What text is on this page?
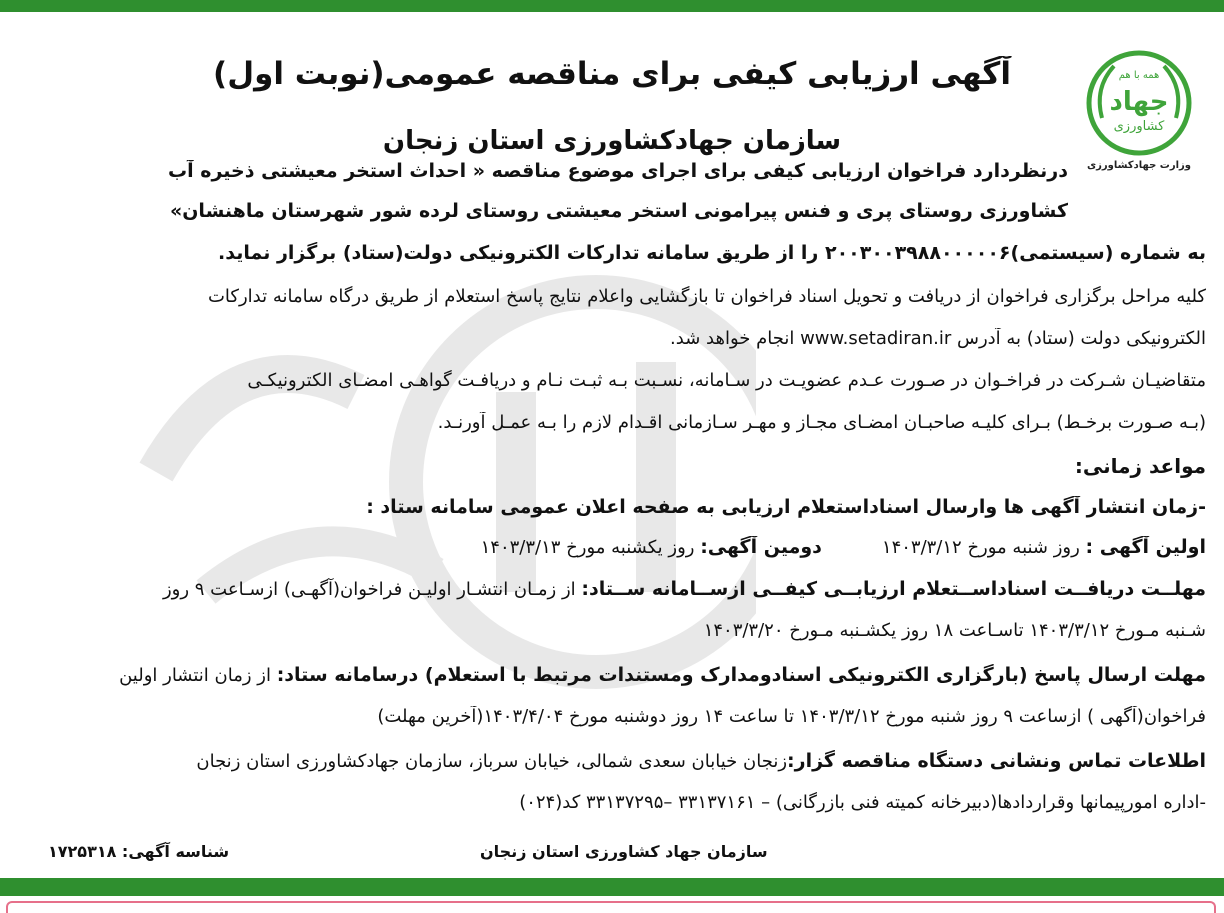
همه با هم
جهاد
کشاورزی
وزارت جهادکشاورزی
آگهی ارزیابی کیفی برای مناقصه عمومی(نوبت اول)
سازمان جهادکشاورزی استان زنجان
درنظردارد فراخوان ارزیابی کیفی برای اجرای موضوع مناقصه « احداث استخر معیشتی ذخیره آب
کشاورزی روستای پری و فنس پیرامونی استخر معیشتی روستای لرده شور شهرستان ماهنشان»
به شماره (سیستمی)۲۰۰۳۰۰۳۹۸۸۰۰۰۰۰۶ را از طریق سامانه تدارکات الکترونیکی دولت(ستاد) برگزار نماید.
کلیه مراحل برگزاری فراخوان از دریافت و تحویل اسناد فراخوان تا بازگشایی واعلام نتایج پاسخ استعلام از طریق درگاه سامانه تدارکات
الکترونیکی دولت (ستاد) به آدرس www.setadiran.ir انجام خواهد شد.
متقاضیـان شـرکت در فراخـوان در صـورت عـدم عضویـت در سـامانه، نسـبت بـه ثبـت نـام و دریافـت گواهـی امضـای الکترونیکـی
(بـه صـورت برخـط) بـرای کلیـه صاحبـان امضـای مجـاز و مهـر سـازمانی اقـدام لازم را بـه عمـل آورنـد.
مواعد زمانی:
-زمان انتشار آگهی ها وارسال اسناداستعلام ارزیابی به صفحه اعلان عمومی سامانه ستاد :
اولین آگهی : روز شنبه مورخ ۱۴۰۳/۳/۱۲دومین آگهی: روز یکشنبه مورخ ۱۴۰۳/۳/۱۳
مهلــت دریافــت اسناداســتعلام ارزیابــی کیفــی ازســامانه ســتاد: از زمـان انتشـار اولیـن فراخوان(آگهـی) ازسـاعت ۹ روز
شـنبه مـورخ ۱۴۰۳/۳/۱۲ تاسـاعت ۱۸ روز یکشـنبه مـورخ ۱۴۰۳/۳/۲۰
مهلت ارسال پاسخ (بارگزاری الکترونیکی اسنادومدارک ومستندات مرتبط با استعلام) درسامانه ستاد: از زمان انتشار اولین
فراخوان(آگهی ) ازساعت ۹ روز شنبه مورخ ۱۴۰۳/۳/۱۲ تا ساعت ۱۴ روز دوشنبه مورخ ۱۴۰۳/۴/۰۴(آخرین مهلت)
اطلاعات تماس ونشانی دستگاه مناقصه گزار:زنجان خیابان سعدی شمالی، خیابان سرباز، سازمان جهادکشاورزی استان زنجان
-اداره امورپیمانها وقراردادها(دبیرخانه کمیته فنی بازرگانی) – ۳۳۱۳۷۱۶۱ –۳۳۱۳۷۲۹۵ کد(۰۲۴)
سازمان جهاد کشاورزی استان زنجان
شناسه آگهی: ۱۷۲۵۳۱۸
